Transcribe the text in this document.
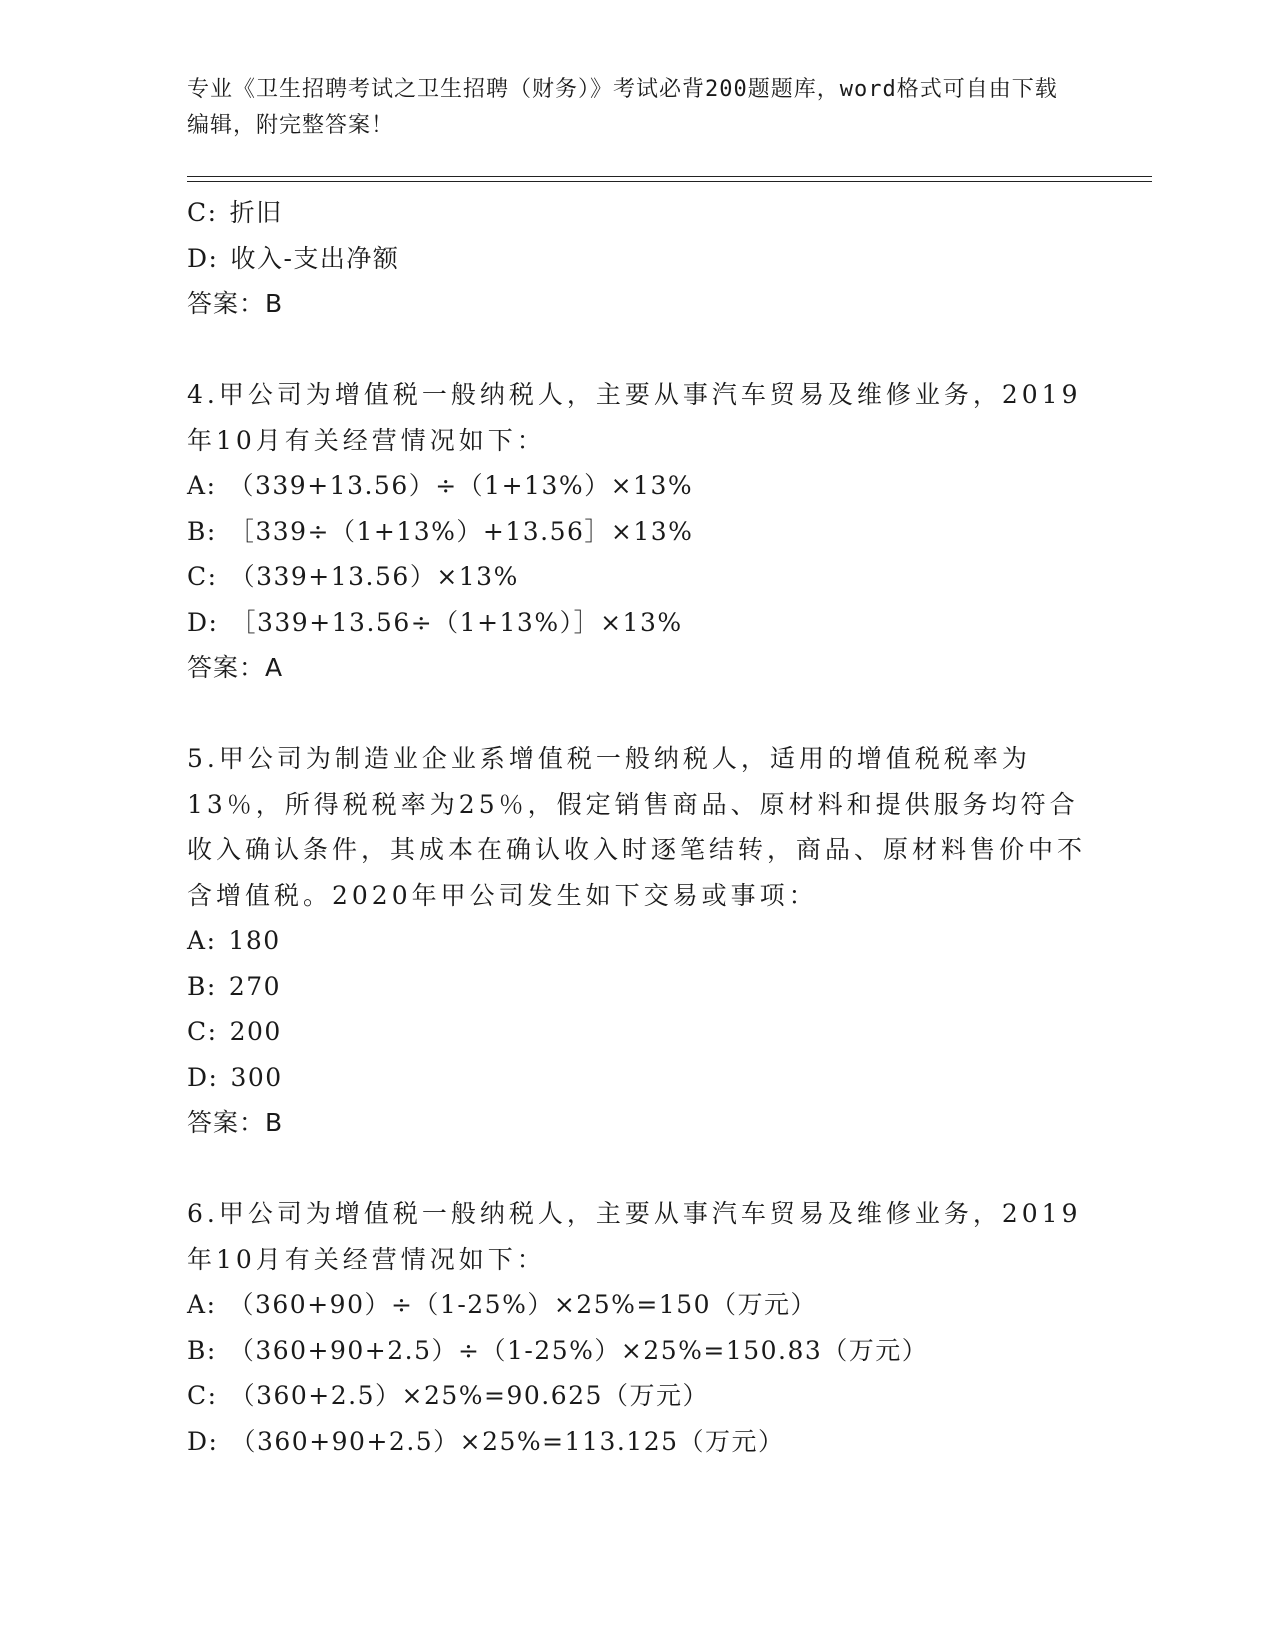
专业《卫生招聘考试之卫生招聘（财务）》考试必背200题题库，word格式可自由下载编辑，附完整答案！

C: 折旧
D: 收入-支出净额
答案：B

4.甲公司为增值税一般纳税人，主要从事汽车贸易及维修业务，2019年10月有关经营情况如下：

A: （339+13.56）÷（1+13%）×13%
B: ［339÷（1+13%）+13.56］×13%
C: （339+13.56）×13%
D: ［339+13.56÷（1+13%）］×13%
答案：A

5.甲公司为制造业企业系增值税一般纳税人，适用的增值税税率为13％，所得税税率为25％，假定销售商品、原材料和提供服务均符合收入确认条件，其成本在确认收入时逐笔结转，商品、原材料售价中不含增值税。2020年甲公司发生如下交易或事项：

A: 180
B: 270
C: 200
D: 300
答案：B

6.甲公司为增值税一般纳税人，主要从事汽车贸易及维修业务，2019年10月有关经营情况如下：

A: （360+90）÷（1-25%）×25%=150（万元）
B: （360+90+2.5）÷（1-25%）×25%=150.83（万元）
C: （360+2.5）×25%=90.625（万元）
D: （360+90+2.5）×25%=113.125（万元）
